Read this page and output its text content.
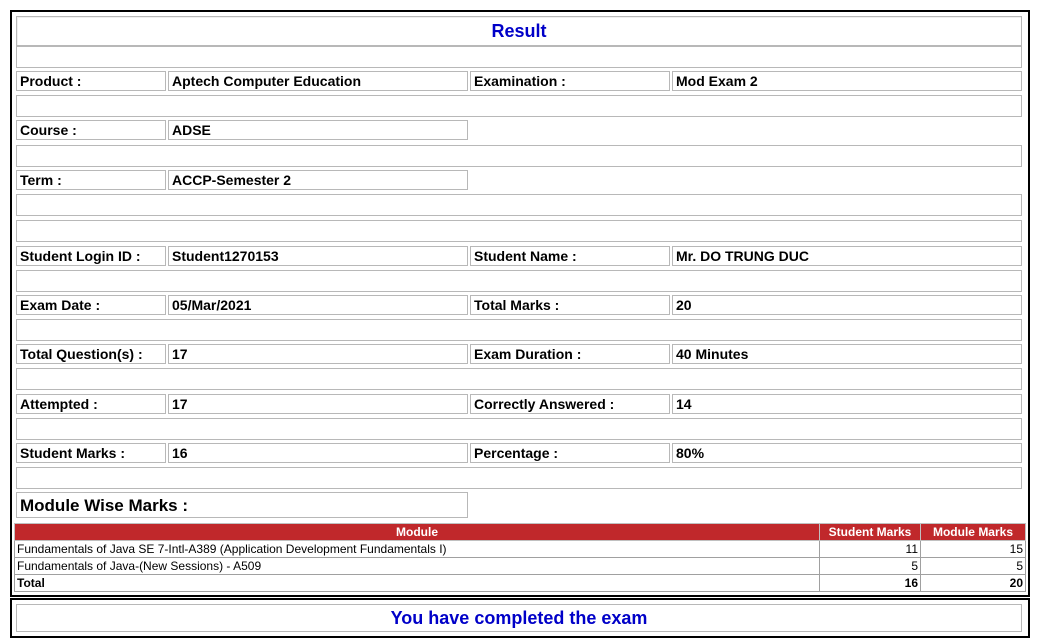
Result
Product :	Aptech Computer Education	Examination :	Mod Exam 2
Course :	ADSE
Term :	ACCP-Semester 2
Student Login ID :	Student1270153	Student Name :	Mr. DO TRUNG DUC
Exam Date :	05/Mar/2021	Total Marks :	20
Total Question(s) :	17	Exam Duration :	40 Minutes
Attempted :	17	Correctly Answered :	14
Student Marks :	16	Percentage :	80%
Module Wise Marks :
Module	Student Marks	Module Marks
Fundamentals of Java SE 7-Intl-A389 (Application Development Fundamentals I)	11	15
Fundamentals of Java-(New Sessions) - A509	5	5
Total	16	20
You have completed the exam
